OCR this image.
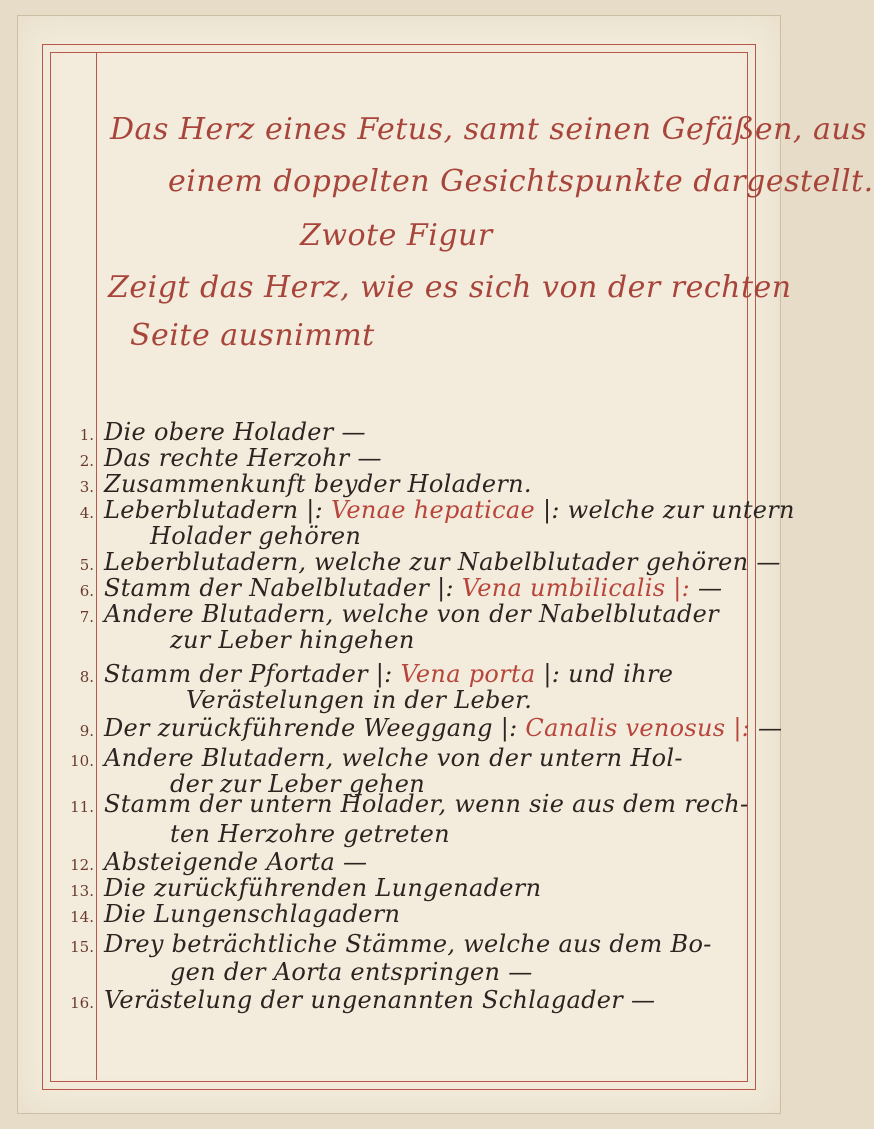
Das Herz eines Fetus, samt seinen Gefäßen, aus
einem doppelten Gesichtspunkte dargestellt.
Zwote Figur
Zeigt das Herz, wie es sich von der rechten
Seite ausnimmt
1. Die obere Holader —
2. Das rechte Herzohr —
3. Zusammenkunft beyder Holadern.
4. Leberblutadern |: Venae hepaticae |: welche zur untern
Holader gehören
5. Leberblutadern, welche zur Nabelblutader gehören —
6. Stamm der Nabelblutader |: Vena umbilicalis |: —
7. Andere Blutadern, welche von der Nabelblutader
zur Leber hingehen
8. Stamm der Pfortader |: Vena porta |: und ihre
Verästelungen in der Leber.
9. Der zurückführende Weeggang |: Canalis venosus |: —
10. Andere Blutadern, welche von der untern Hol-
der zur Leber gehen
11. Stamm der untern Holader, wenn sie aus dem rech-
ten Herzohre getreten
12. Absteigende Aorta —
13. Die zurückführenden Lungenadern
14. Die Lungenschlagadern
15. Drey beträchtliche Stämme, welche aus dem Bo-
gen der Aorta entspringen —
16. Verästelung der ungenannten Schlagader —
